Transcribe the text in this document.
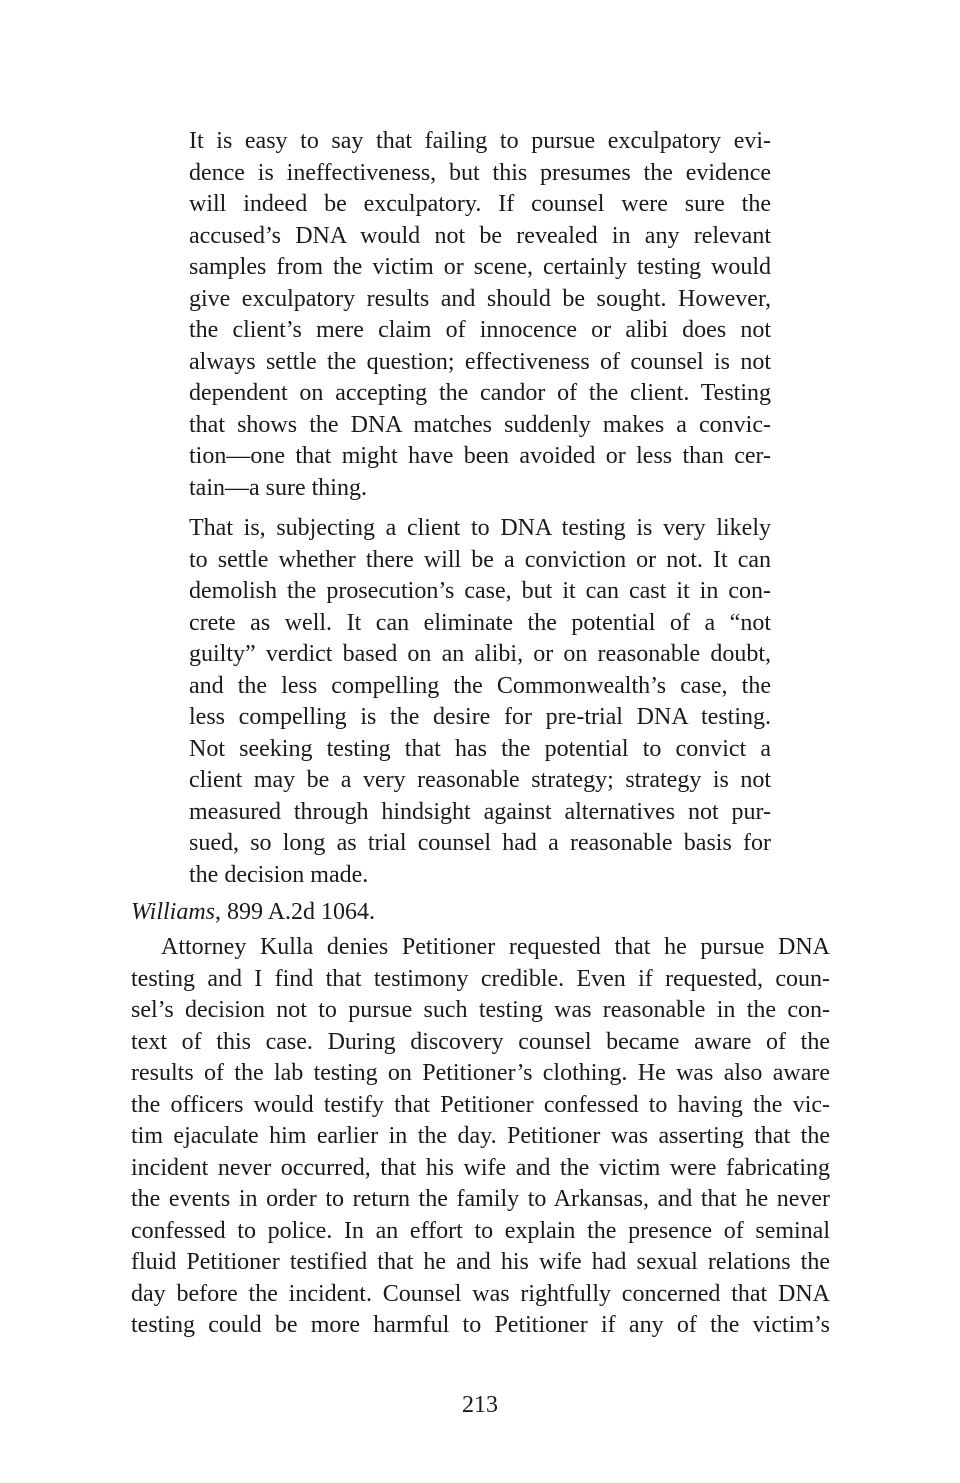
It is easy to say that failing to pursue exculpatory evi-
dence is ineffectiveness, but this presumes the evidence
will indeed be exculpatory. If counsel were sure the
accused’s DNA would not be revealed in any relevant
samples from the victim or scene, certainly testing would
give exculpatory results and should be sought. However,
the client’s mere claim of innocence or alibi does not
always settle the question; effectiveness of counsel is not
dependent on accepting the candor of the client. Testing
that shows the DNA matches suddenly makes a convic-
tion—one that might have been avoided or less than cer-
tain—a sure thing.
That is, subjecting a client to DNA testing is very likely
to settle whether there will be a conviction or not. It can
demolish the prosecution’s case, but it can cast it in con-
crete as well. It can eliminate the potential of a “not
guilty” verdict based on an alibi, or on reasonable doubt,
and the less compelling the Commonwealth’s case, the
less compelling is the desire for pre-trial DNA testing.
Not seeking testing that has the potential to convict a
client may be a very reasonable strategy; strategy is not
measured through hindsight against alternatives not pur-
sued, so long as trial counsel had a reasonable basis for
the decision made.
Williams, 899 A.2d 1064.
Attorney Kulla denies Petitioner requested that he pursue DNA
testing and I find that testimony credible. Even if requested, coun-
sel’s decision not to pursue such testing was reasonable in the con-
text of this case. During discovery counsel became aware of the
results of the lab testing on Petitioner’s clothing. He was also aware
the officers would testify that Petitioner confessed to having the vic-
tim ejaculate him earlier in the day. Petitioner was asserting that the
incident never occurred, that his wife and the victim were fabricating
the events in order to return the family to Arkansas, and that he never
confessed to police. In an effort to explain the presence of seminal
fluid Petitioner testified that he and his wife had sexual relations the
day before the incident. Counsel was rightfully concerned that DNA
testing could be more harmful to Petitioner if any of the victim’s
213
